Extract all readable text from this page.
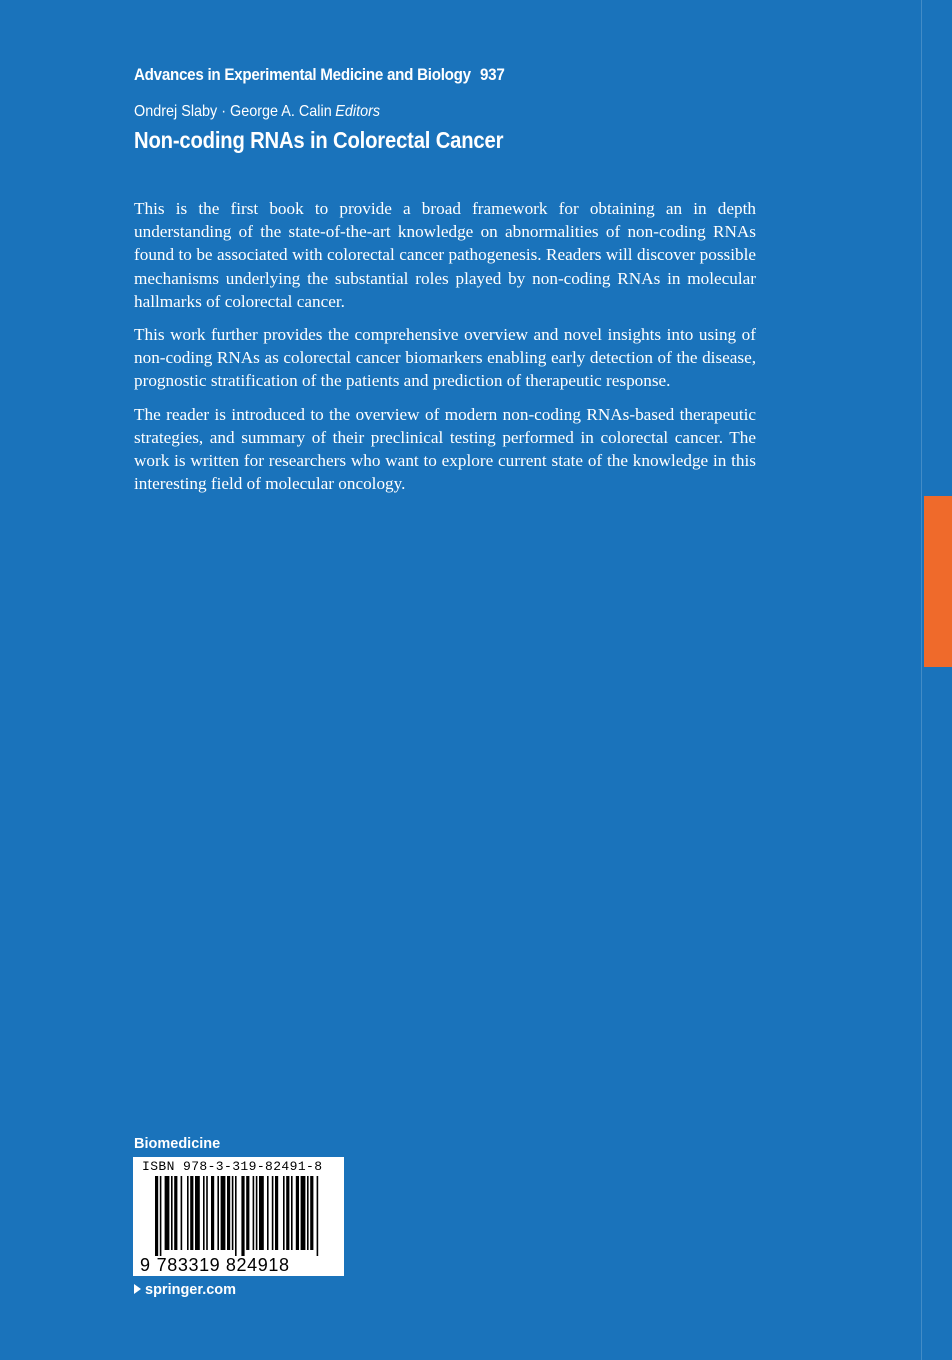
Advances in Experimental Medicine and Biology 937
Ondrej Slaby · George A. Calin Editors
Non-coding RNAs in Colorectal Cancer

This is the first book to provide a broad framework for obtaining an in depth understanding of the state-of-the-art knowledge on abnormalities of non-coding RNAs found to be associated with colorectal cancer pathogenesis. Readers will discover possible mechanisms underlying the substantial roles played by non-coding RNAs in molecular hallmarks of colorectal cancer.

This work further provides the comprehensive overview and novel insights into using of non-coding RNAs as colorectal cancer biomarkers enabling early detection of the disease, prognostic stratification of the patients and prediction of therapeutic response.

The reader is introduced to the overview of modern non-coding RNAs-based therapeutic strategies, and summary of their preclinical testing performed in colorectal cancer. The work is written for researchers who want to explore current state of the knowledge in this interesting field of molecular oncology.

Biomedicine
ISBN 978-3-319-82491-8
9 783319 824918
springer.com
